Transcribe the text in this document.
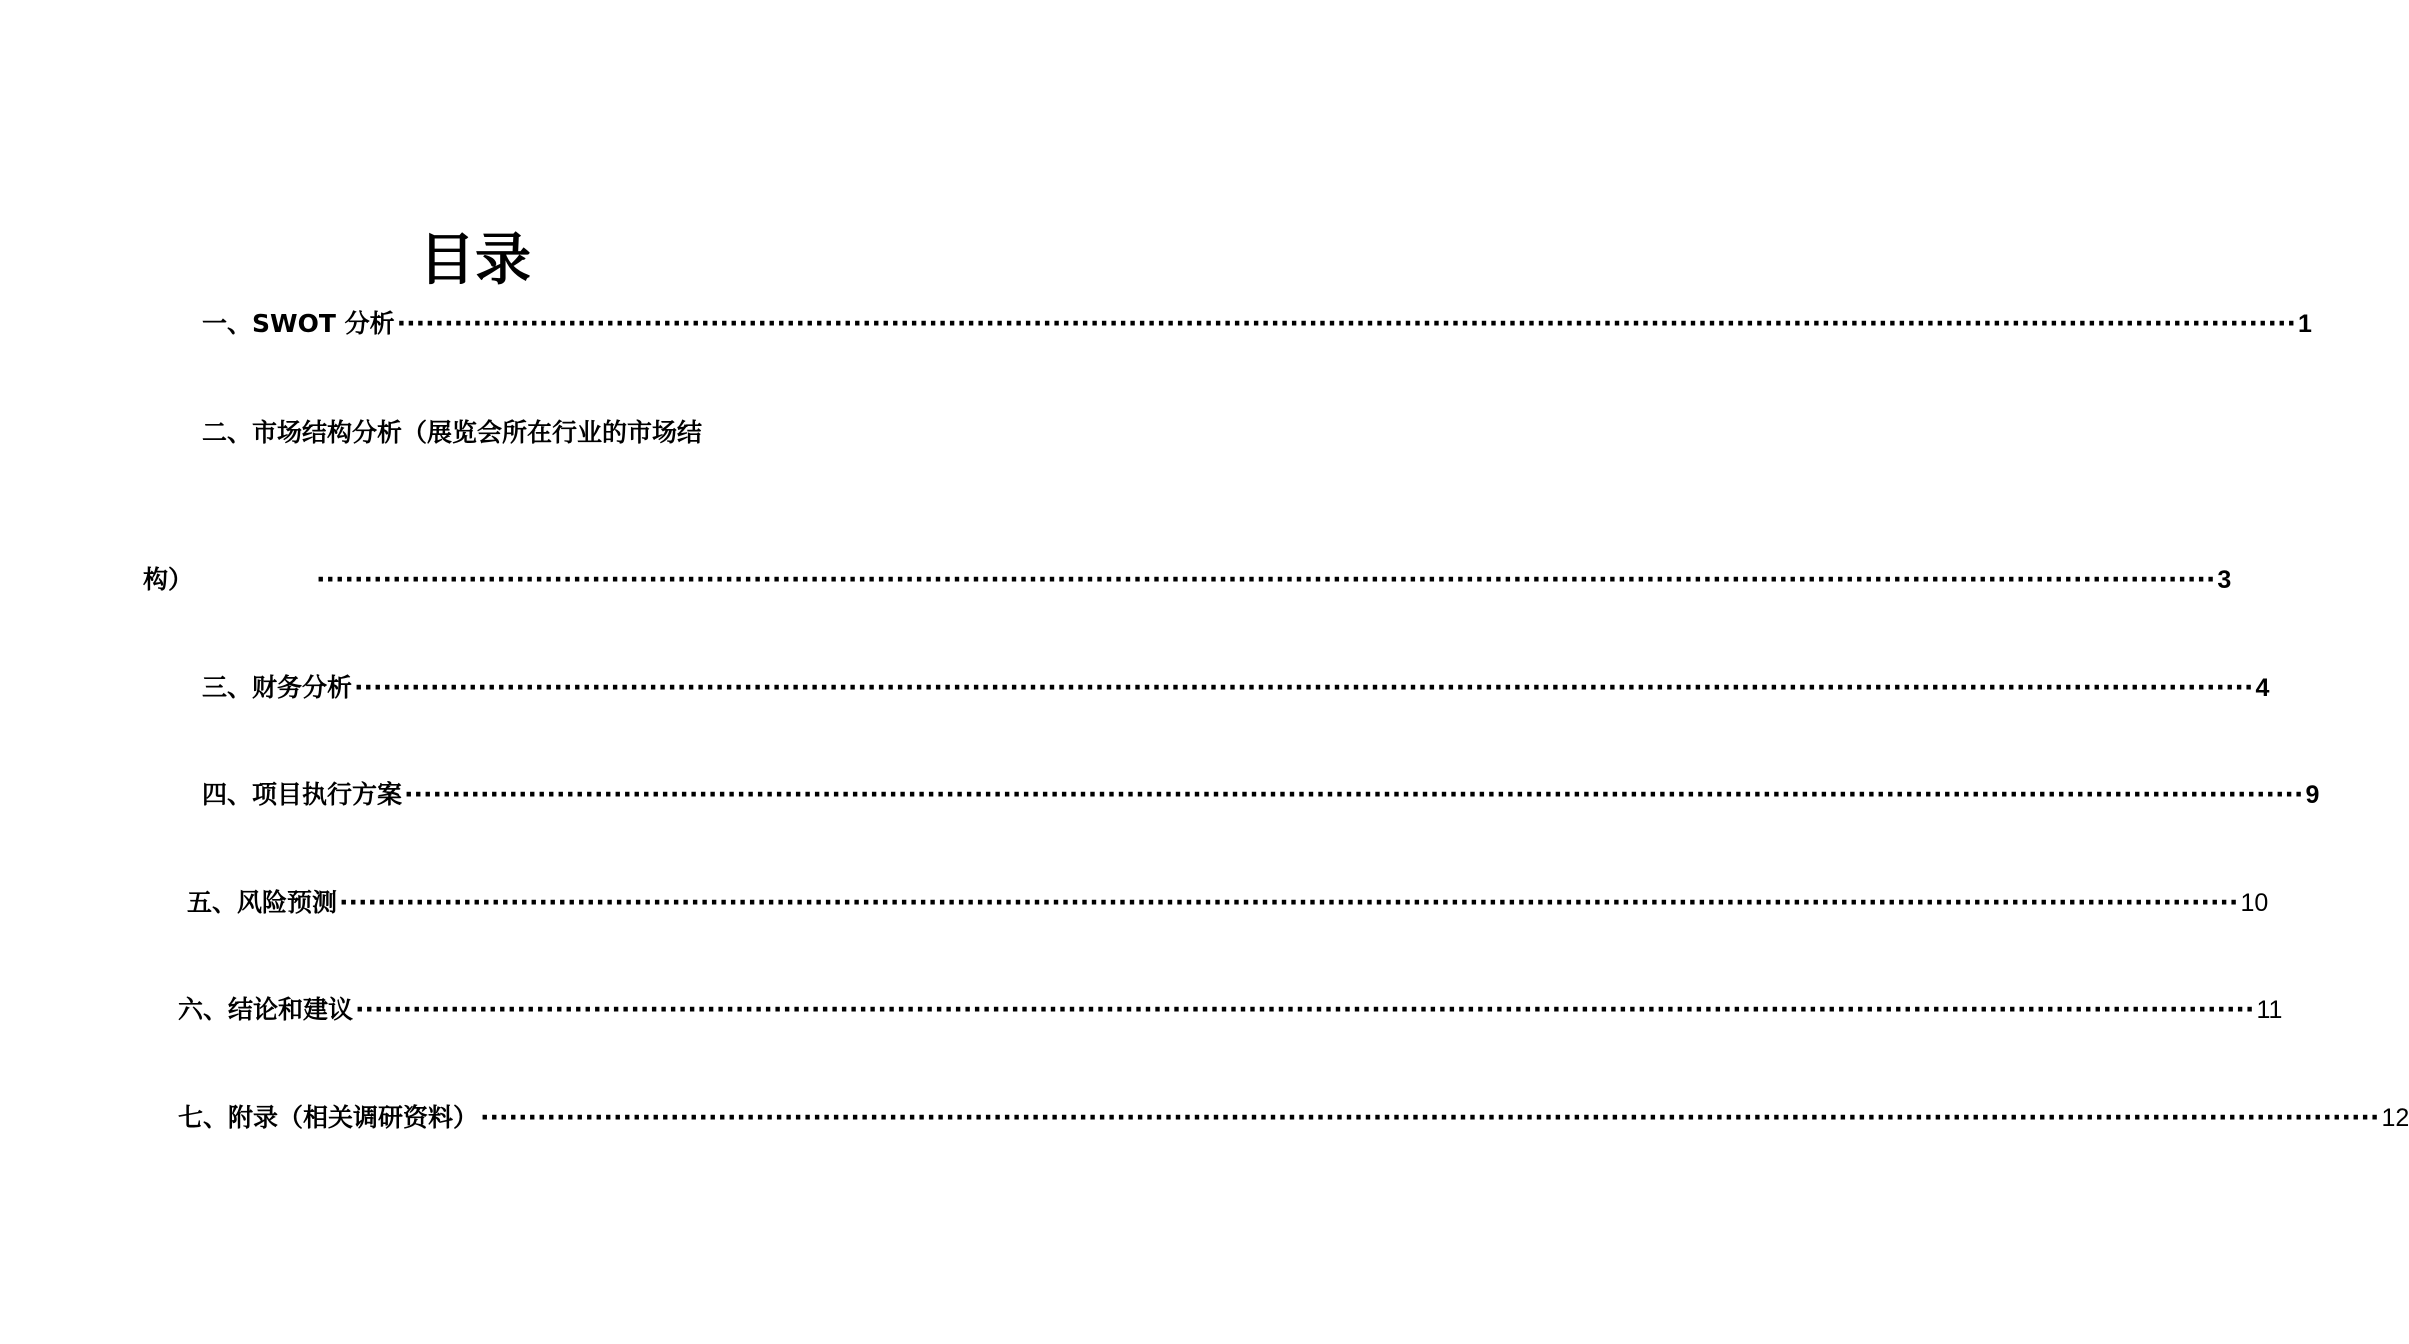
目录
一、SWOT 分析 ········································································································································································································ 1
二、市场结构分析（展览会所在行业的市场结
构）	········································································································································································································ 3
三、财务分析 ········································································································································································································ 4
四、项目执行方案 ········································································································································································································ 9
五、风险预测 ········································································································································································································ 10
六、结论和建议 ········································································································································································································ 11
七、附录（相关调研资料） ········································································································································································································ 12
